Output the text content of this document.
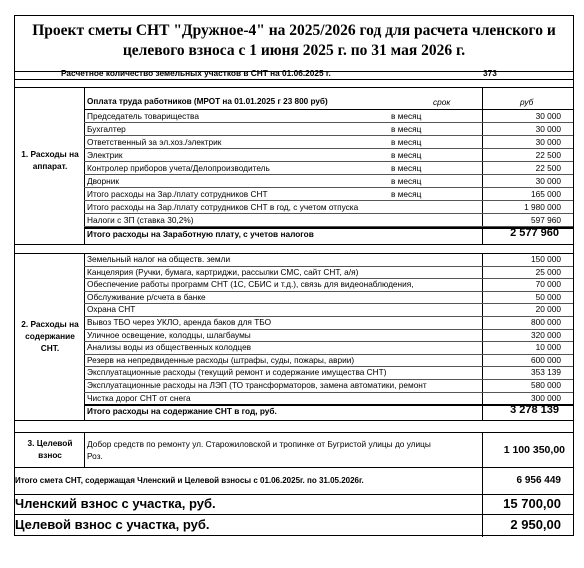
Проект сметы СНТ "Дружное-4" на 2025/2026 год для расчета членского и
целевого взноса с 1 июня 2025 г. по 31 мая 2026 г.
Расчетное количество земельных участков в СНТ на 01.06.2025 г.	373
1. Расходы на аппарат.
Оплата труда работников (МРОТ на 01.01.2025 г 23 800 руб)	срок	руб
Председатель товарищества	в месяц	30 000
Бухгалтер	в месяц	30 000
Ответственный за эл.хоз./электрик	в месяц	30 000
Электрик	в месяц	22 500
Контролер приборов учета/Делопроизводитель	в месяц	22 500
Дворник	в месяц	30 000
Итого расходы на Зар./плату сотрудников СНТ	в месяц	165 000
Итого расходы на Зар./плату сотрудников СНТ в год, с учетом отпуска	1 980 000
Налоги с ЗП (ставка 30,2%)	597 960
Итого расходы на Заработную плату, с учетов налогов	2 577 960
2. Расходы на содержание СНТ.
Земельный налог на обществ. земли	150 000
Канцелярия (Ручки, бумага, картриджи, рассылки СМС, сайт СНТ, а/я)	25 000
Обеспечение работы программ СНТ (1С, СБИС и т.д.), связь для видеонаблюдения,	70 000
Обслуживание р/счета в банке	50 000
Охрана СНТ	20 000
Вывоз ТБО через УКЛО, аренда баков для ТБО	800 000
Уличное освещение, колодцы, шлагбаумы	320 000
Анализы воды из общественных колодцев	10 000
Резерв на непредвиденные расходы (штрафы, суды, пожары, аврии)	600 000
Эксплуатационные расходы (текущий ремонт и содержание имущества СНТ)	353 139
Эксплуатационные расходы на ЛЭП (ТО трансформаторов, замена автоматики, ремонт	580 000
Чистка дорог СНТ от снега	300 000
Итого расходы на содержание СНТ в год, руб.	3 278 139
3. Целевой взнос
Добор средств по ремонту ул. Старожиловской и тропинке от Бугристой улицы до улицы
Роз.	1 100 350,00
Итого смета СНТ, содержащая Членский и Целевой взносы с 01.06.2025г. по 31.05.2026г.	6 956 449
Членский взнос с участка, руб.	15 700,00
Целевой взнос с участка, руб.	2 950,00
